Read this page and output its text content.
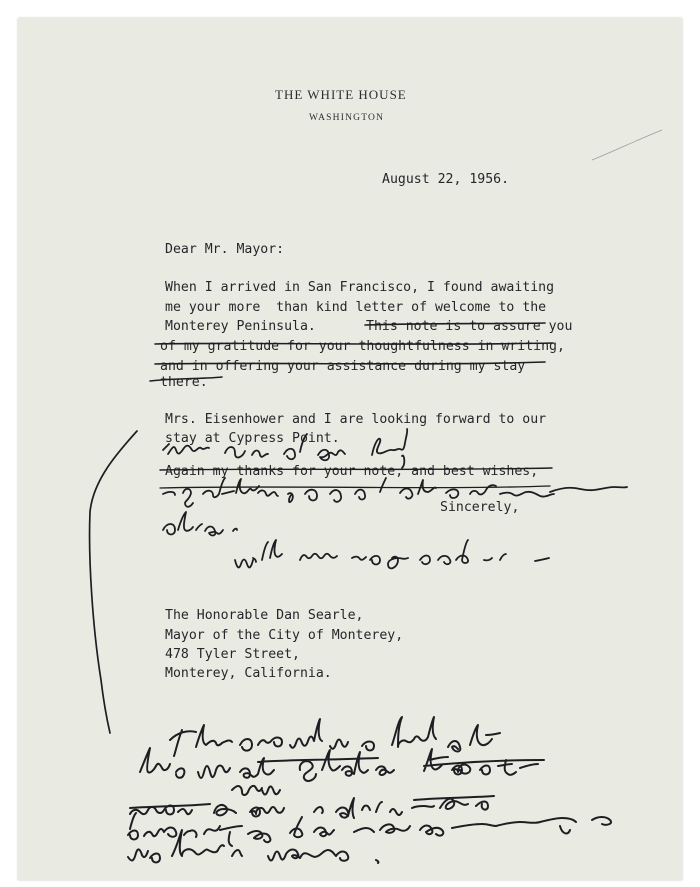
THE WHITE HOUSE
WASHINGTON
August 22, 1956.
Dear Mr. Mayor:
When I arrived in San Francisco, I found awaiting
me your more  than kind letter of welcome to the
Monterey Peninsula.	This note is to assure you
of my gratitude for your thoughtfulness in writing,
and in offering your assistance during my stay
there.
Mrs. Eisenhower and I are looking forward to our
stay at Cypress Point.
Again my thanks for your note, and best wishes,
Sincerely,
The Honorable Dan Searle,
Mayor of the City of Monterey,
478 Tyler Street,
Monterey, California.
